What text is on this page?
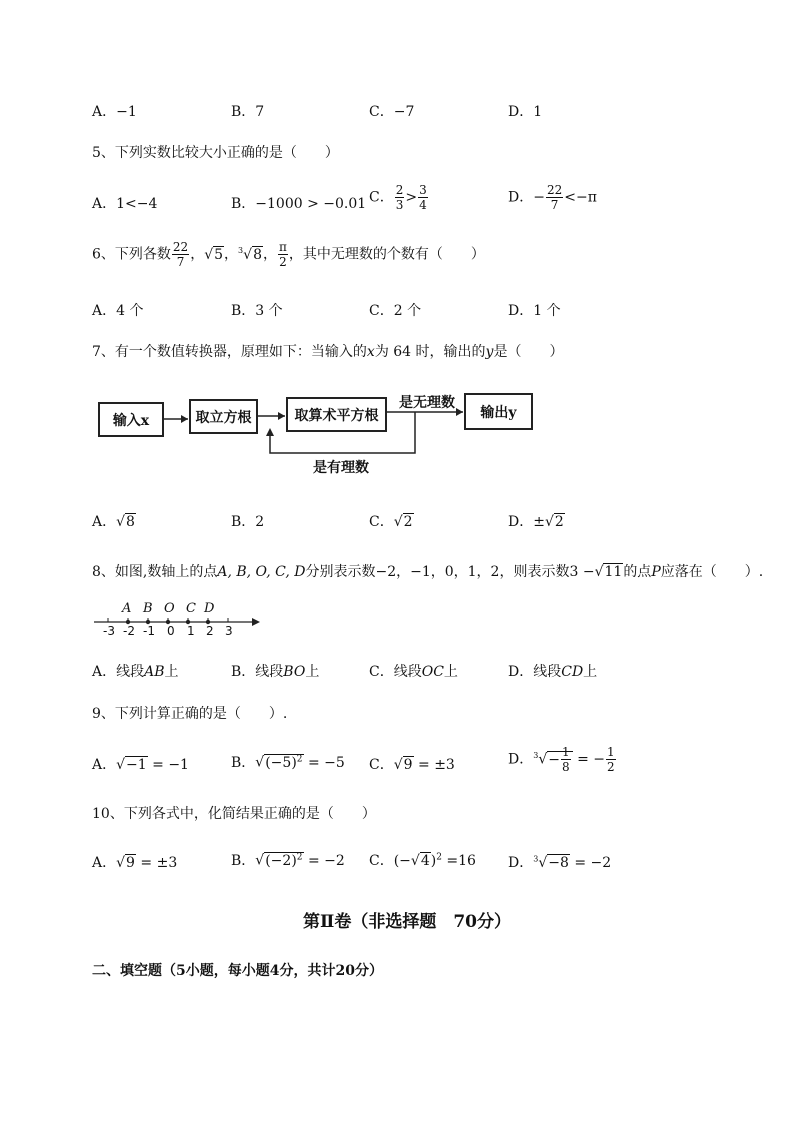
A．−1	B．7	C．−7	D．1
5、下列实数比较大小正确的是（　　）
A．1<−4	B．−1000 > −0.01 C． $\frac{2}{3} > \frac{3}{4}$	D．− $\frac{22}{7} <-\pi$
6、下列各数 $\frac{22}{7}$ ，√5，$^3$√8， $\frac{\pi}{2}$ ，其中无理数的个数有（　　）
A．4 个	B．3 个	C．2 个	D．1 个
7、有一个数值转换器，原理如下：当输入的x为 64 时，输出的y是（　　）
输入x	取立方根	取算术平方根	输出y
是无理数
是有理数
A．√8	B．2	C．√2	D．±√2
8、如图,数轴上的点A, B, O, C, D分别表示数−2，−1，0，1，2，则表示数3 −√11的点P应落在（　　）.
-3 -2 -1 0 1 2 3
A B O C D
A．线段AB上	B．线段BO上	C．线段OC上	D．线段CD上
9、下列计算正确的是（　　）.
A．√−1 = −1	B．$√(-5)^2 = -5$ C．√9 = ±3	D．$^3√- \frac{1}{8}$ = − $\frac{1}{2}$
10、下列各式中，化简结果正确的是（　　）
A．√9 = ±3	B．$√(-2)^2 = -2$ C．$(-√4)^2 =16$ D．$^3$√−8 = −2
第Ⅱ卷（非选择题　70分）
二、填空题（5小题，每小题4分，共计20分）
